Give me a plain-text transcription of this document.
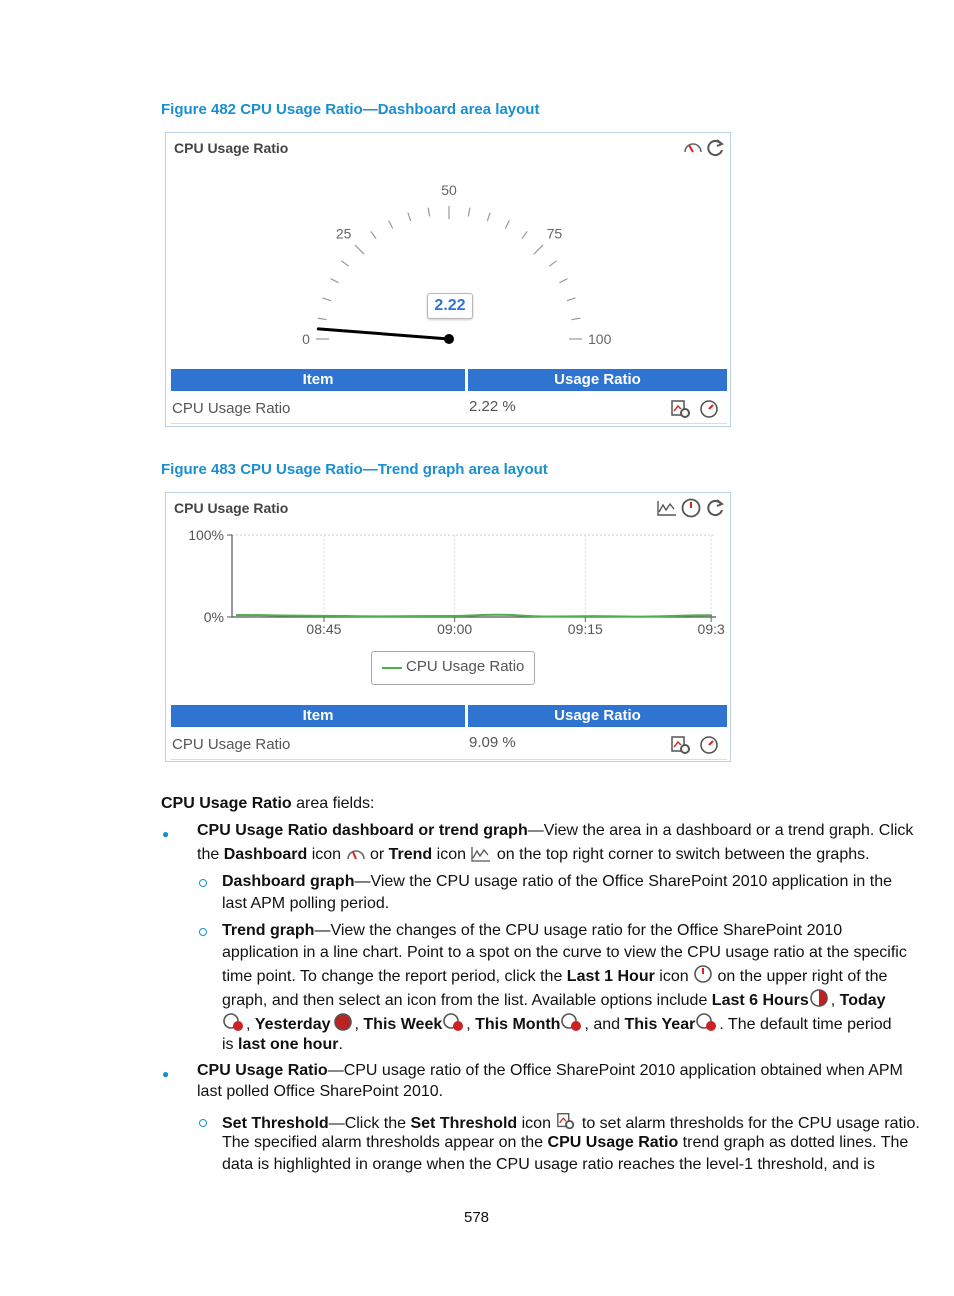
Figure 482 CPU Usage Ratio—Dashboard area layout
CPU Usage Ratio
0
25
50
75
100
2.22
Item	Usage Ratio
CPU Usage Ratio	2.22 %
Figure 483 CPU Usage Ratio—Trend graph area layout
CPU Usage Ratio
08:45	09:00	09:15	09:3
100%
0%
CPU Usage Ratio
Item	Usage Ratio
CPU Usage Ratio	9.09 %
CPU Usage Ratio area fields:
● CPU Usage Ratio dashboard or trend graph—View the area in a dashboard or a trend graph. Click
the Dashboard icon  or Trend icon  on the top right corner to switch between the graphs.
Dashboard graph—View the CPU usage ratio of the Office SharePoint 2010 application in the
last APM polling period.
Trend graph—View the changes of the CPU usage ratio for the Office SharePoint 2010
application in a line chart. Point to a spot on the curve to view the CPU usage ratio at the specific
time point. To change the report period, click the Last 1 Hour icon  on the upper right of the
graph, and then select an icon from the list. Available options include Last 6 Hours , Today
, Yesterday , This Week , This Month , and This Year . The default time period
is last one hour.
● CPU Usage Ratio—CPU usage ratio of the Office SharePoint 2010 application obtained when APM
last polled Office SharePoint 2010.
Set Threshold—Click the Set Threshold icon  to set alarm thresholds for the CPU usage ratio.
The specified alarm thresholds appear on the CPU Usage Ratio trend graph as dotted lines. The
data is highlighted in orange when the CPU usage ratio reaches the level-1 threshold, and is
578
